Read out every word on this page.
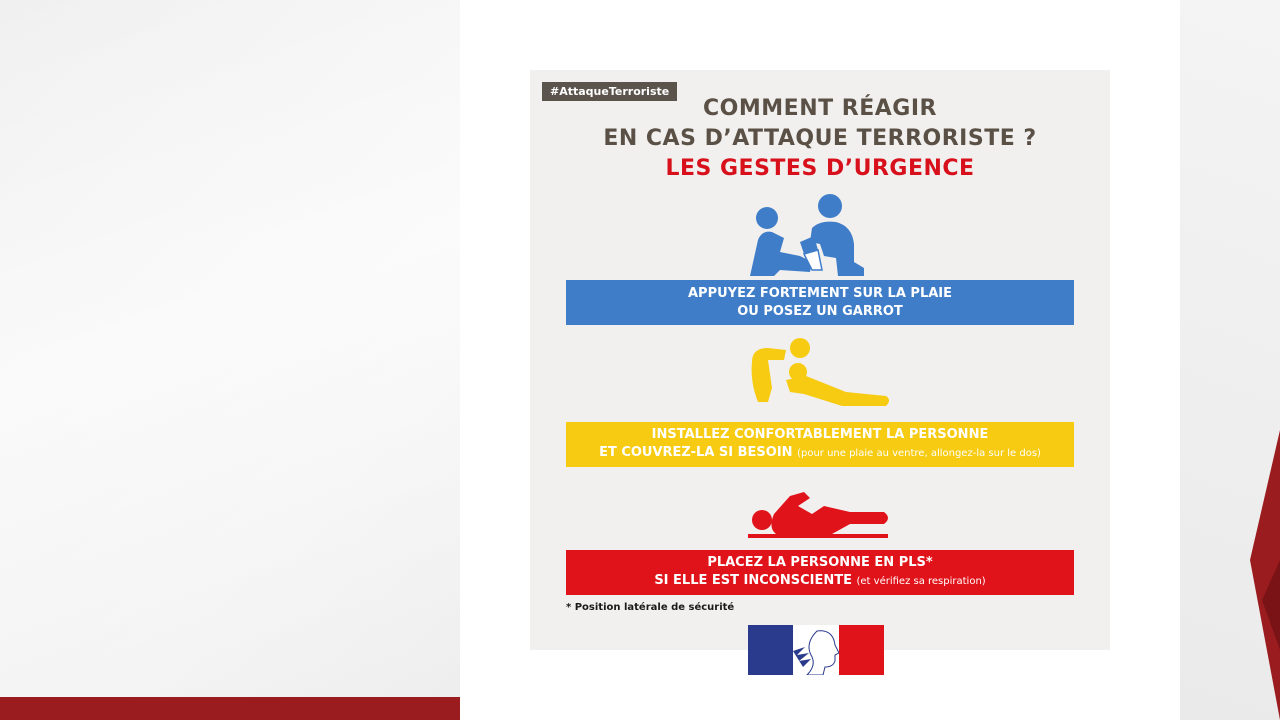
#AttaqueTerroriste
COMMENT RÉAGIR
EN CAS D’ATTAQUE TERRORISTE ?
LES GESTES D’URGENCE
APPUYEZ FORTEMENT SUR LA PLAIE
OU POSEZ UN GARROT
INSTALLEZ CONFORTABLEMENT LA PERSONNE
ET COUVREZ-LA SI BESOIN (pour une plaie au ventre, allongez-la sur le dos)
PLACEZ LA PERSONNE EN PLS*
SI ELLE EST INCONSCIENTE (et vérifiez sa respiration)
* Position latérale de sécurité
